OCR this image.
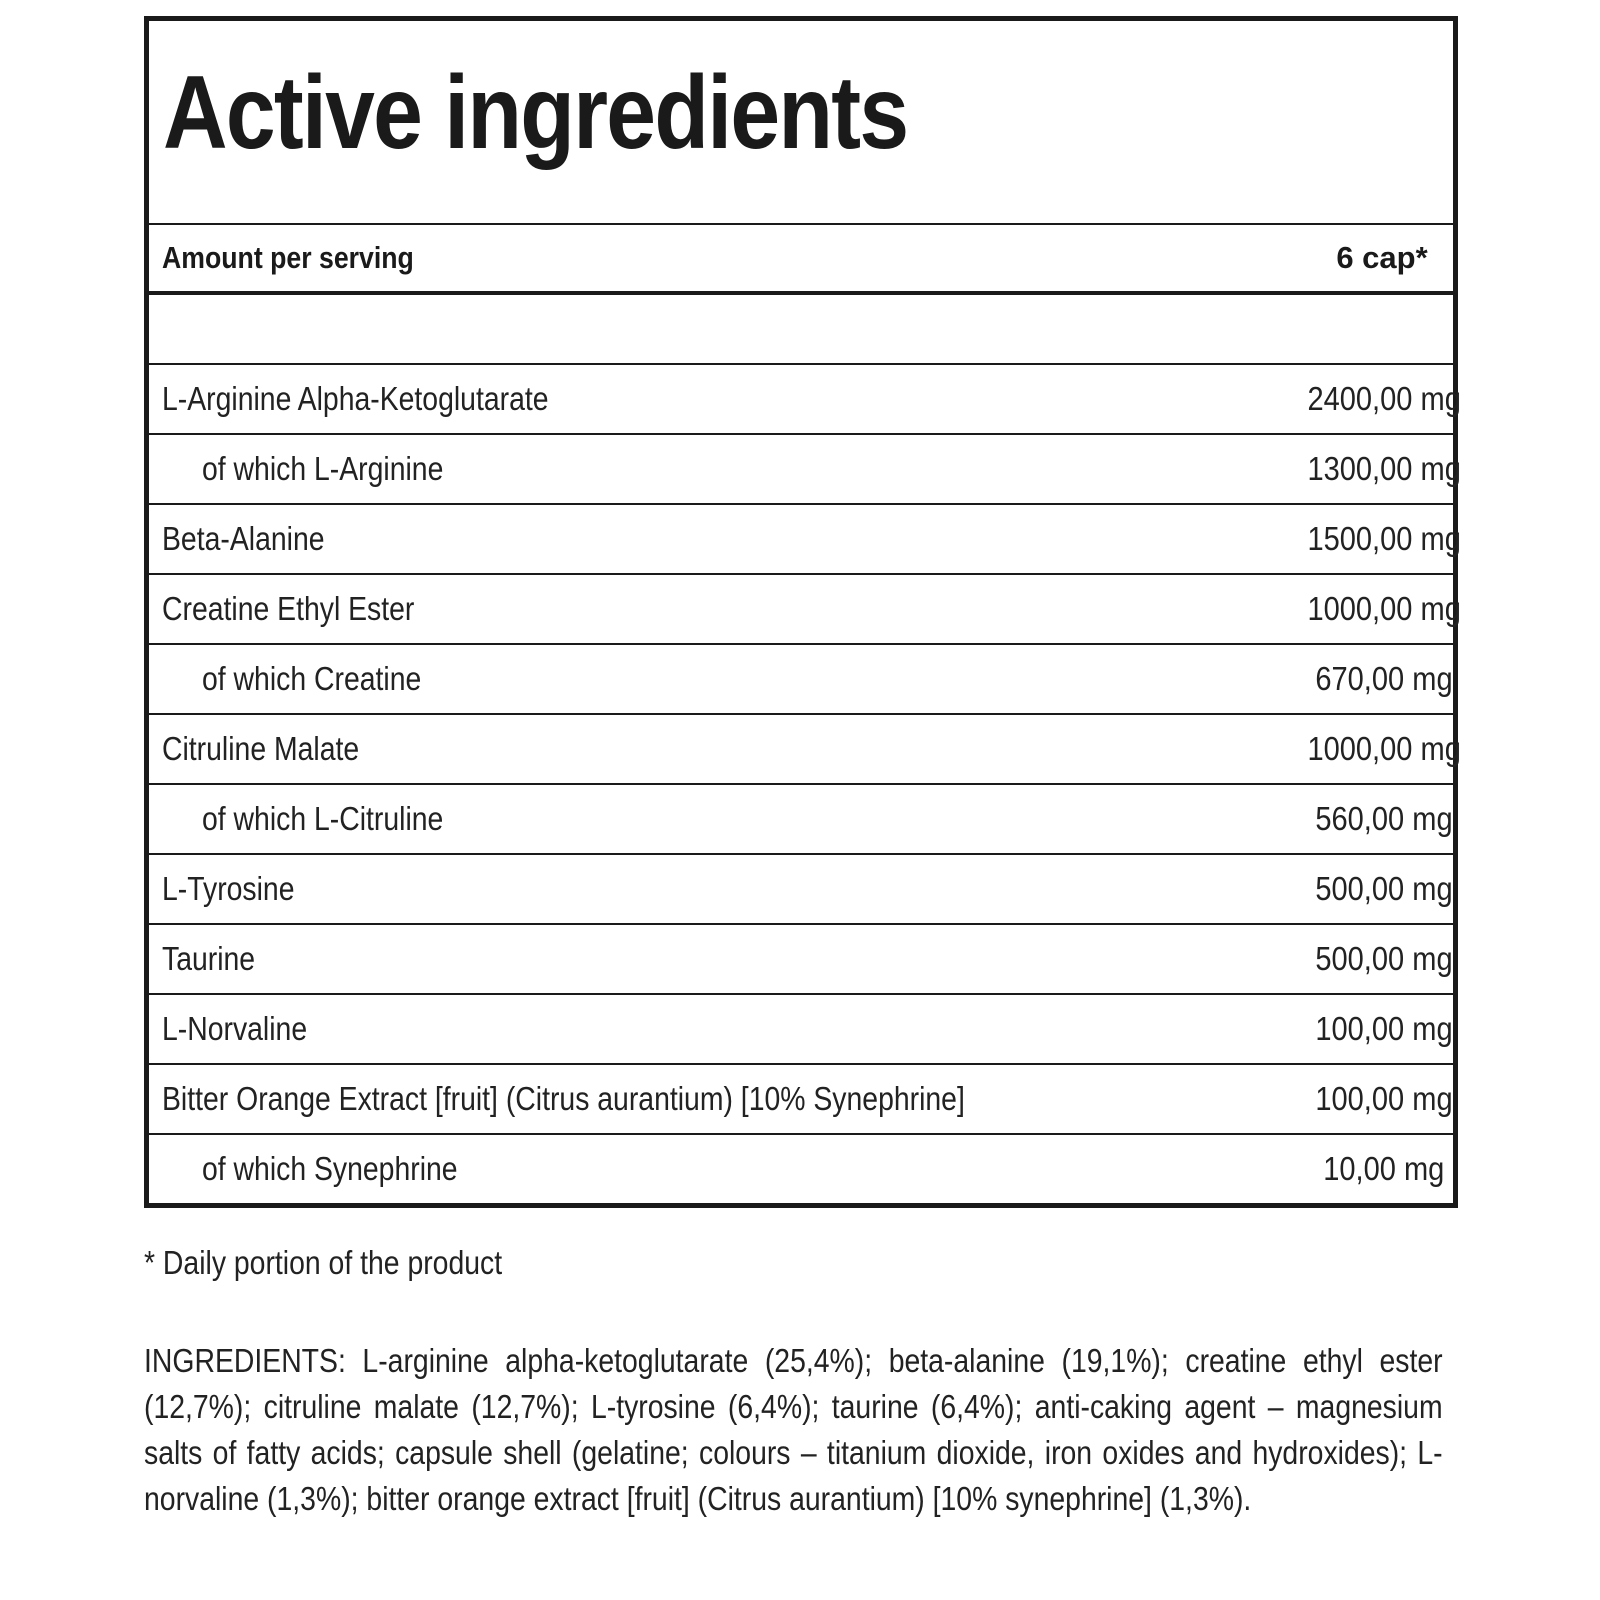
Active ingredients
Amount per serving	6 cap*
L-Arginine Alpha-Ketoglutarate	2400,00 mg
of which L-Arginine	1300,00 mg
Beta-Alanine	1500,00 mg
Creatine Ethyl Ester	1000,00 mg
of which Creatine	670,00 mg
Citruline Malate	1000,00 mg
of which L-Citruline	560,00 mg
L-Tyrosine	500,00 mg
Taurine	500,00 mg
L-Norvaline	100,00 mg
Bitter Orange Extract [fruit] (Citrus aurantium) [10% Synephrine]	100,00 mg
of which Synephrine	10,00 mg
* Daily portion of the product
INGREDIENTS: L-arginine alpha-ketoglutarate (25,4%); beta-alanine (19,1%); creatine ethyl ester (12,7%); citruline malate (12,7%); L-tyrosine (6,4%); taurine (6,4%); anti-caking agent – magnesium salts of fatty acids; capsule shell (gelatine; colours – titanium dioxide, iron oxides and hydroxides); L-norvaline (1,3%); bitter orange extract [fruit] (Citrus aurantium) [10% synephrine] (1,3%).
